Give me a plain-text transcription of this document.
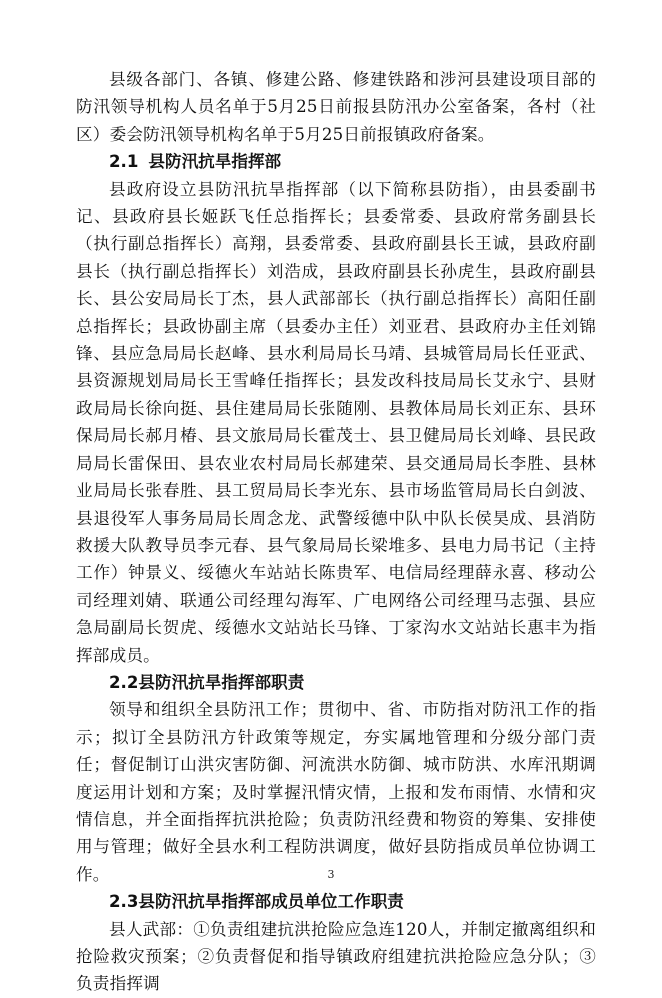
县级各部门、各镇、修建公路、修建铁路和涉河县建设项目部的防汛领导机构人员名单于5月25日前报县防汛办公室备案，各村（社区）委会防汛领导机构名单于5月25日前报镇政府备案。

2.1 县防汛抗旱指挥部

县政府设立县防汛抗旱指挥部（以下简称县防指），由县委副书记、县政府县长姬跃飞任总指挥长；县委常委、县政府常务副县长（执行副总指挥长）高翔，县委常委、县政府副县长王诚，县政府副县长（执行副总指挥长）刘浩成，县政府副县长孙虎生，县政府副县长、县公安局局长丁杰，县人武部部长（执行副总指挥长）高阳任副总指挥长；县政协副主席（县委办主任）刘亚君、县政府办主任刘锦锋、县应急局局长赵峰、县水利局局长马靖、县城管局局长任亚武、县资源规划局局长王雪峰任指挥长；县发改科技局局长艾永宁、县财政局局长徐向挺、县住建局局长张随刚、县教体局局长刘正东、县环保局局长郝月椿、县文旅局局长霍茂士、县卫健局局长刘峰、县民政局局长雷保田、县农业农村局局长郝建荣、县交通局局长李胜、县林业局局长张春胜、县工贸局局长李光东、县市场监管局局长白剑波、县退役军人事务局局长周念龙、武警绥德中队中队长侯昊成、县消防救援大队教导员李元春、县气象局局长梁堆多、县电力局书记（主持工作）钟景义、绥德火车站站长陈贵军、电信局经理薛永喜、移动公司经理刘婧、联通公司经理勾海军、广电网络公司经理马志强、县应急局副局长贺虎、绥德水文站站长马锋、丁家沟水文站站长惠丰为指挥部成员。

2.2县防汛抗旱指挥部职责

领导和组织全县防汛工作；贯彻中、省、市防指对防汛工作的指示；拟订全县防汛方针政策等规定，夯实属地管理和分级分部门责任；督促制订山洪灾害防御、河流洪水防御、城市防洪、水库汛期调度运用计划和方案；及时掌握汛情灾情，上报和发布雨情、水情和灾情信息，并全面指挥抗洪抢险；负责防汛经费和物资的筹集、安排使用与管理；做好全县水利工程防洪调度，做好县防指成员单位协调工作。

2.3县防汛抗旱指挥部成员单位工作职责

县人武部：①负责组建抗洪抢险应急连120人，并制定撤离组织和抢险救灾预案；②负责督促和指导镇政府组建抗洪抢险应急分队；③负责指挥调

3
